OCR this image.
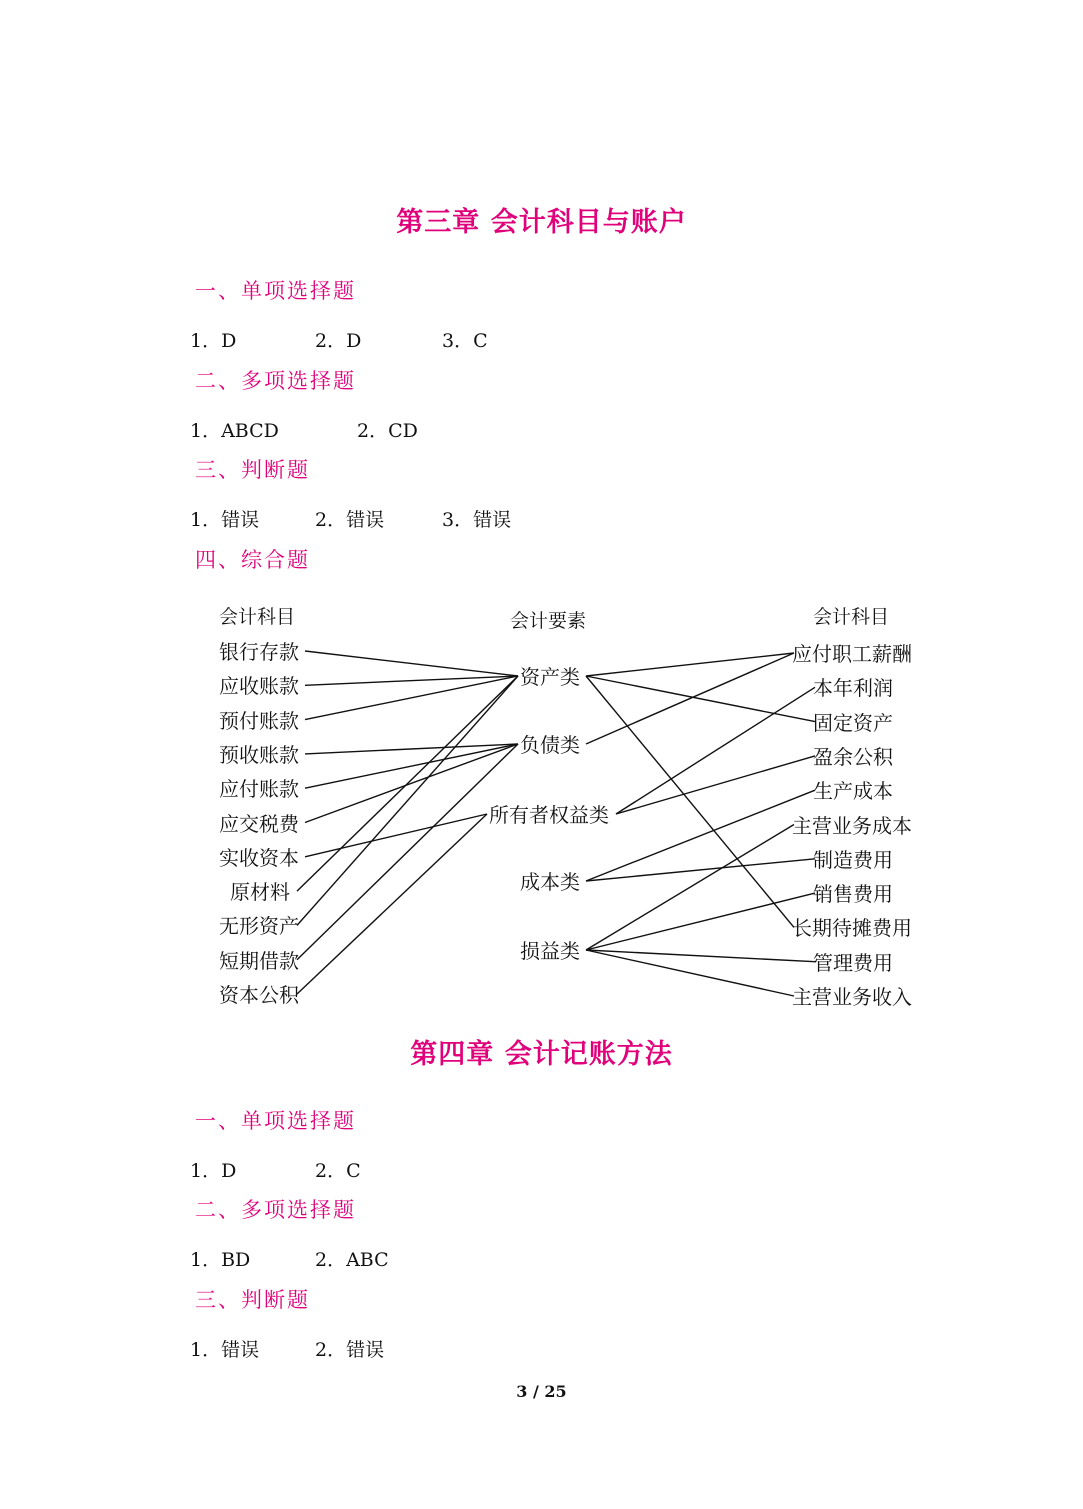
第三章 会计科目与账户
一、单项选择题
1．D	2．D	3．C
二、多项选择题
1．ABCD	2．CD
三、判断题
1．错误	2．错误	3．错误
四、综合题
会计科目	会计要素	会计科目
银行存款
应收账款
预付账款
预收账款
应付账款
应交税费
实收资本
原材料
无形资产
短期借款
资本公积
资产类
负债类
所有者权益类
成本类
损益类
应付职工薪酬
本年利润
固定资产
盈余公积
生产成本
主营业务成本
制造费用
销售费用
长期待摊费用
管理费用
主营业务收入
第四章 会计记账方法
一、单项选择题
1．D	2．C
二、多项选择题
1．BD	2．ABC
三、判断题
1．错误	2．错误
3 / 25
